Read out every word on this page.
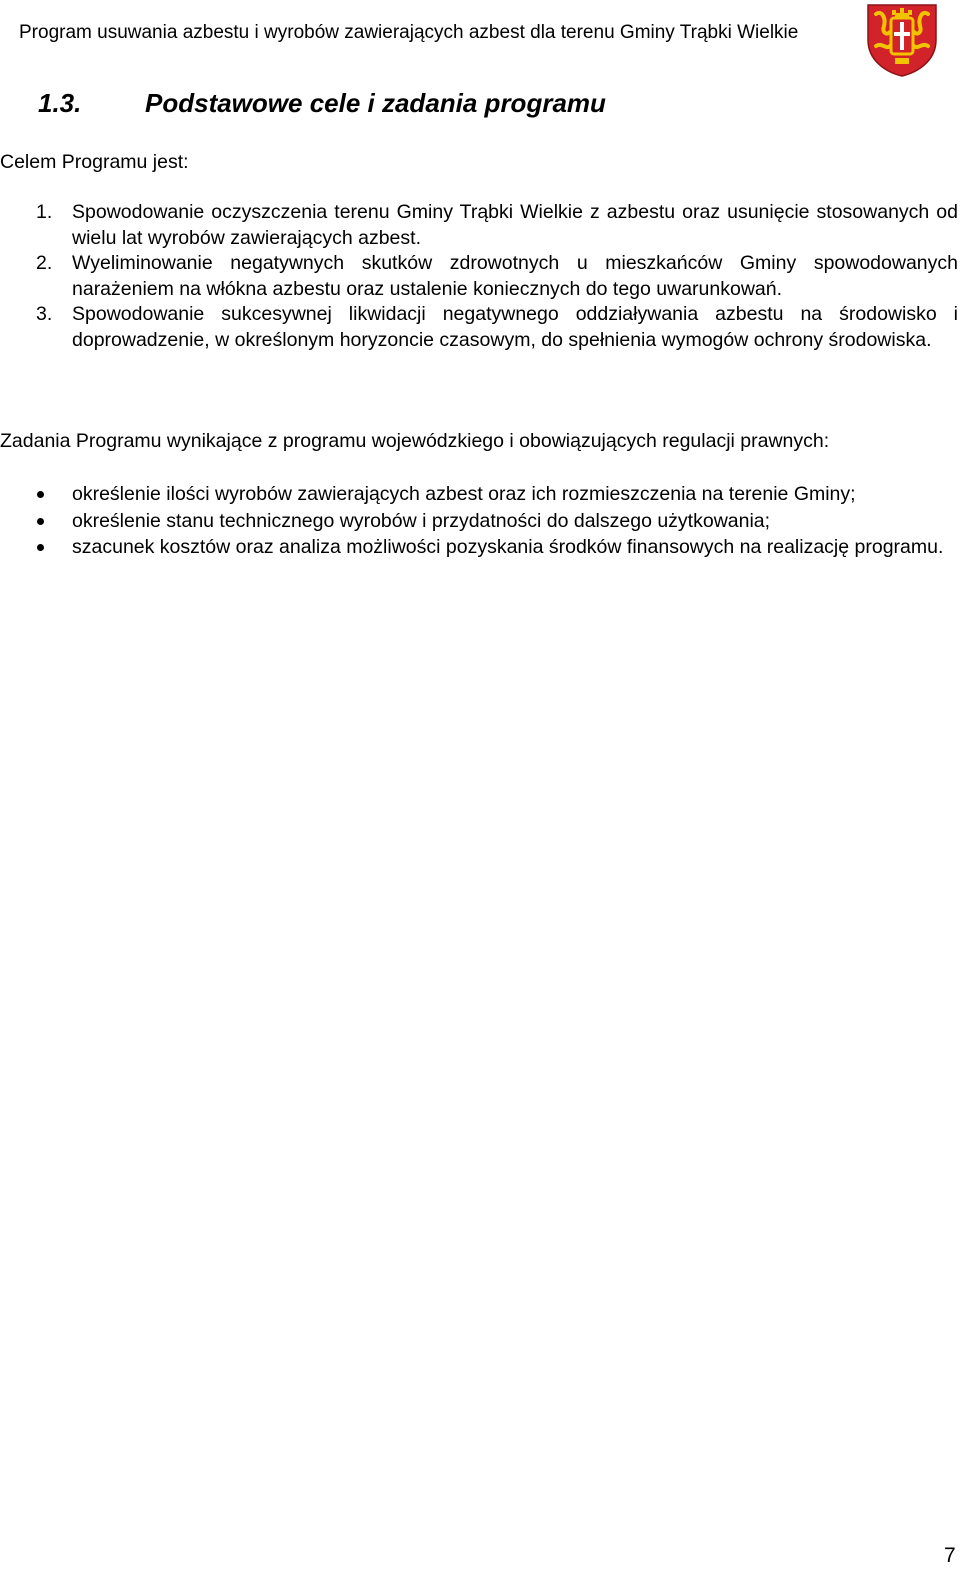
Program usuwania azbestu i wyrobów zawierających azbest dla terenu Gminy Trąbki Wielkie
1.3. Podstawowe cele i zadania programu
Celem Programu jest:
1. Spowodowanie oczyszczenia terenu Gminy Trąbki Wielkie z azbestu oraz usunięcie stosowanych od wielu lat wyrobów zawierających azbest.
2. Wyeliminowanie negatywnych skutków zdrowotnych u mieszkańców Gminy spowodowanych narażeniem na włókna azbestu oraz ustalenie koniecznych do tego uwarunkowań.
3. Spowodowanie sukcesywnej likwidacji negatywnego oddziaływania azbestu na środowisko i doprowadzenie, w określonym horyzoncie czasowym, do spełnienia wymogów ochrony środowiska.
Zadania Programu wynikające z programu wojewódzkiego i obowiązujących regulacji prawnych:
określenie ilości wyrobów zawierających azbest oraz ich rozmieszczenia na terenie Gminy;
określenie stanu technicznego wyrobów i przydatności do dalszego użytkowania;
szacunek kosztów oraz analiza możliwości pozyskania środków finansowych na realizację programu.
7
